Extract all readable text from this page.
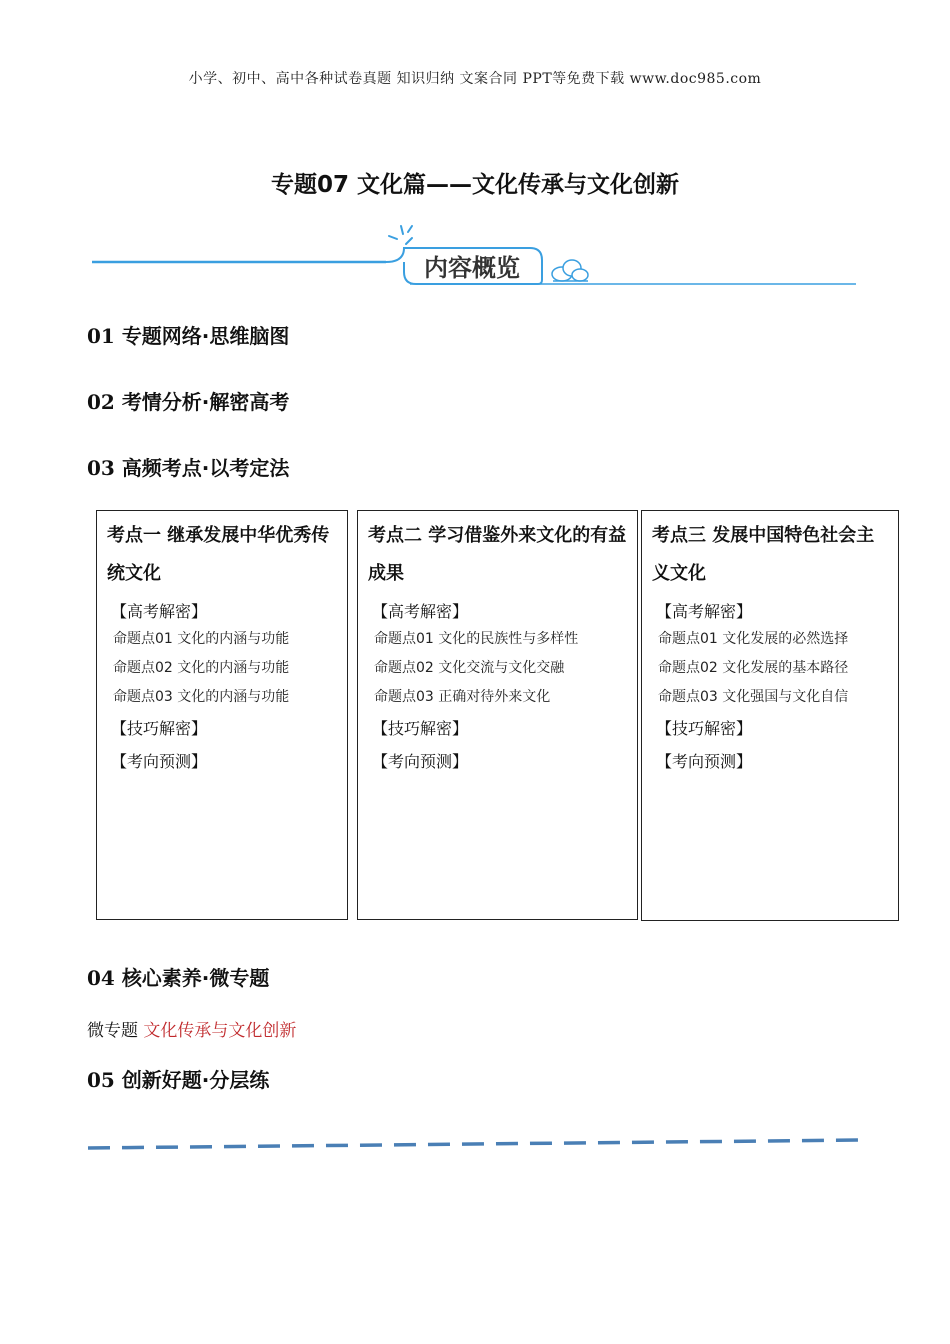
小学、初中、高中各种试卷真题 知识归纳 文案合同 PPT等免费下载 www.doc985.com
专题07 文化篇——文化传承与文化创新
内容概览
01 专题网络·思维脑图
02 考情分析·解密高考
03 高频考点·以考定法
考点一 继承发展中华优秀传统文化
【高考解密】
命题点01 文化的内涵与功能
命题点02 文化的内涵与功能
命题点03 文化的内涵与功能
【技巧解密】
【考向预测】
考点二 学习借鉴外来文化的有益成果
【高考解密】
命题点01 文化的民族性与多样性
命题点02 文化交流与文化交融
命题点03 正确对待外来文化
【技巧解密】
【考向预测】
考点三 发展中国特色社会主义文化
【高考解密】
命题点01 文化发展的必然选择
命题点02 文化发展的基本路径
命题点03 文化强国与文化自信
【技巧解密】
【考向预测】
04 核心素养·微专题
微专题 文化传承与文化创新
05 创新好题·分层练
